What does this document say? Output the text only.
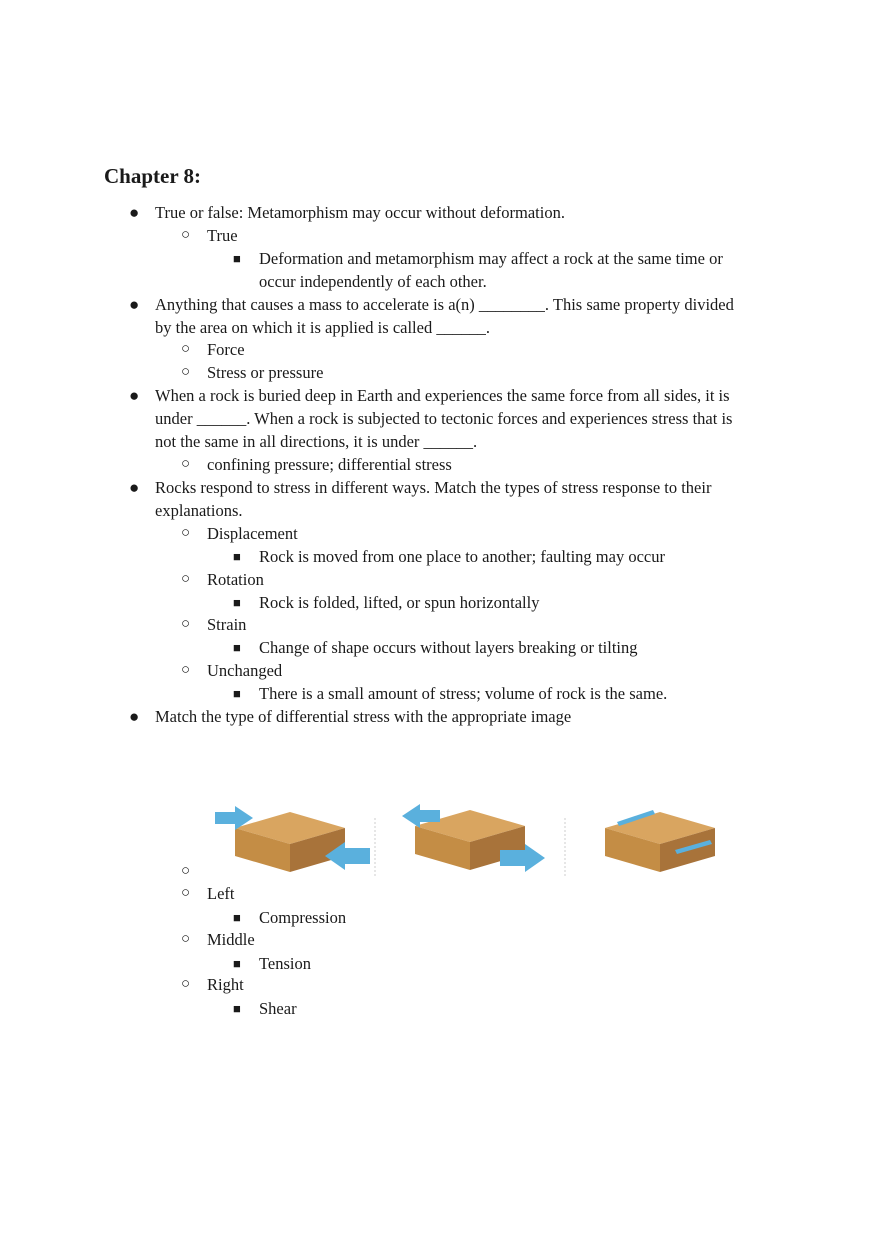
Chapter 8:
● True or false: Metamorphism may occur without deformation.
○ True
■ Deformation and metamorphism may affect a rock at the same time or
occur independently of each other.
● Anything that causes a mass to accelerate is a(n) ________. This same property divided
by the area on which it is applied is called ______.
○ Force
○ Stress or pressure
● When a rock is buried deep in Earth and experiences the same force from all sides, it is
under ______. When a rock is subjected to tectonic forces and experiences stress that is
not the same in all directions, it is under ______.
○ confining pressure; differential stress
● Rocks respond to stress in different ways. Match the types of stress response to their
explanations.
○ Displacement
■ Rock is moved from one place to another; faulting may occur
○ Rotation
■ Rock is folded, lifted, or spun horizontally
○ Strain
■ Change of shape occurs without layers breaking or tilting
○ Unchanged
■ There is a small amount of stress; volume of rock is the same.
● Match the type of differential stress with the appropriate image
○
○ Left
■ Compression
○ Middle
■ Tension
○ Right
■ Shear
